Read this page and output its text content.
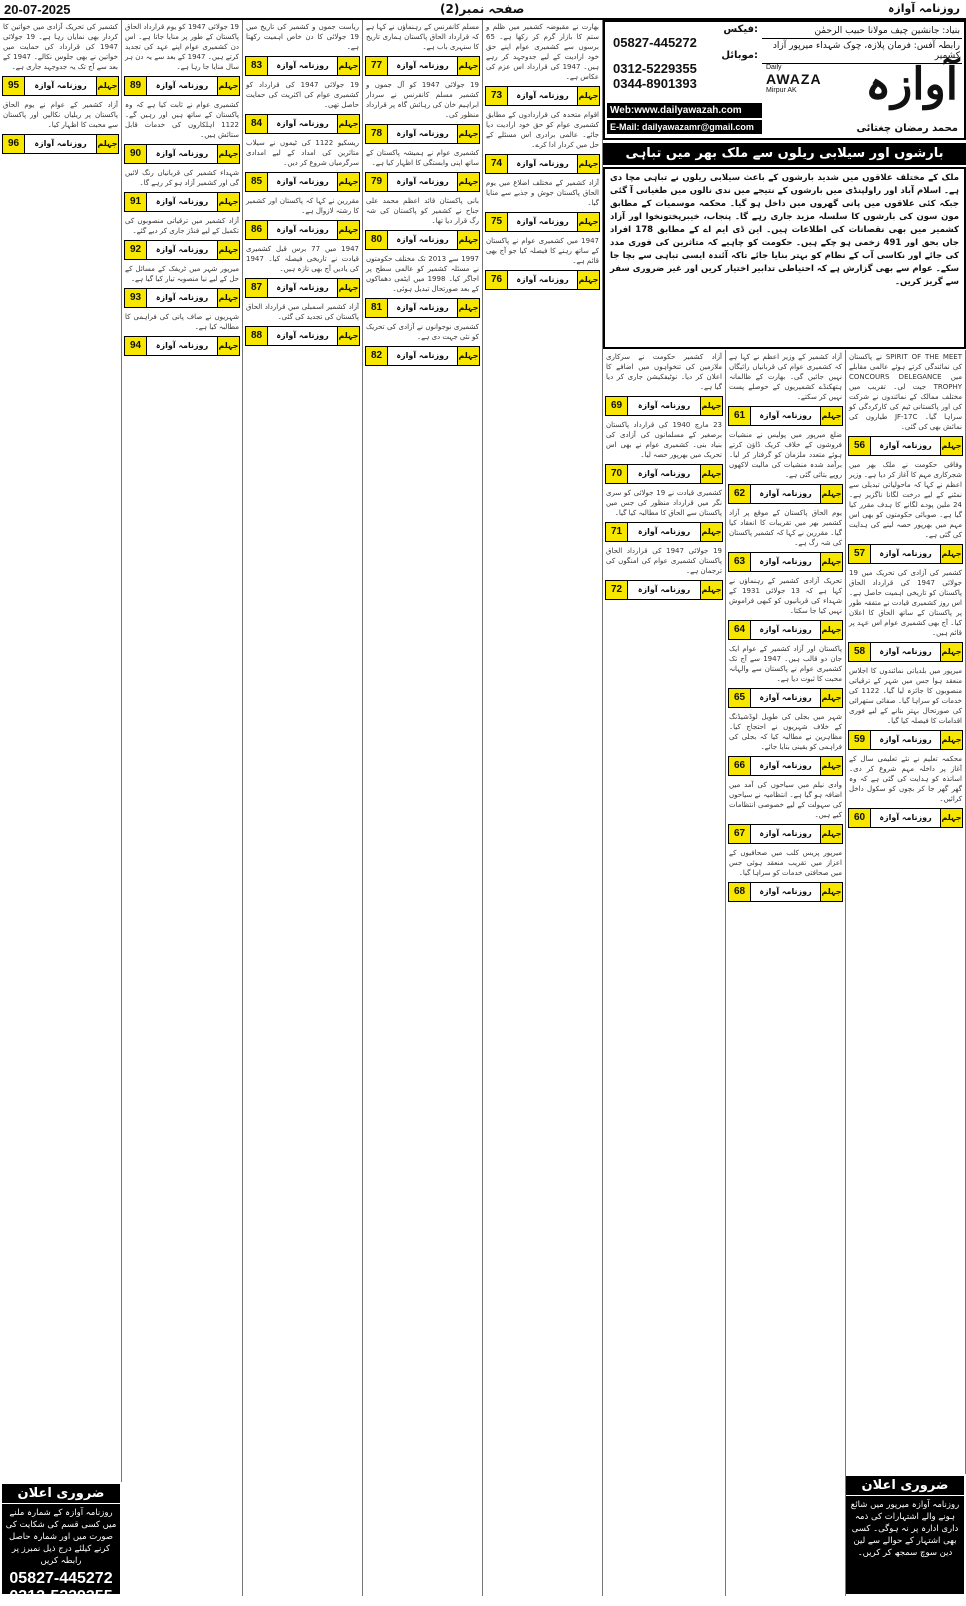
20-07-2025	صفحہ نمبر(2)	روزنامہ آوازہ
SPIRIT OF THE MEET نے پاکستان کی نمائندگی کرتے ہوئے عالمی مقابلے میں CONCOURS DELEGANCE TROPHY جیت لی۔ تقریب میں مختلف ممالک کے نمائندوں نے شرکت کی اور پاکستانی ٹیم کی کارکردگی کو سراہا گیا۔ JF-17C طیاروں کی نمائش بھی کی گئی۔
56	روزنامہ آوازہ	جہلم
وفاقی حکومت نے ملک بھر میں شجرکاری مہم کا آغاز کر دیا ہے۔ وزیر اعظم نے کہا کہ ماحولیاتی تبدیلی سے نمٹنے کے لیے درخت لگانا ناگزیر ہے۔ 24 ملین پودے لگانے کا ہدف مقرر کیا گیا ہے۔ صوبائی حکومتوں کو بھی اس مہم میں بھرپور حصہ لینے کی ہدایت کی گئی ہے۔
57	روزنامہ آوازہ	جہلم
کشمیر کی آزادی کی تحریک میں 19 جولائی 1947 کی قرارداد الحاق پاکستان کو تاریخی اہمیت حاصل ہے۔ اس روز کشمیری قیادت نے متفقہ طور پر پاکستان کے ساتھ الحاق کا اعلان کیا۔ آج بھی کشمیری عوام اس عہد پر قائم ہیں۔
58	روزنامہ آوازہ	جہلم
میرپور میں بلدیاتی نمائندوں کا اجلاس منعقد ہوا جس میں شہر کے ترقیاتی منصوبوں کا جائزہ لیا گیا۔ 1122 کی خدمات کو سراہا گیا۔ صفائی ستھرائی کی صورتحال بہتر بنانے کے لیے فوری اقدامات کا فیصلہ کیا گیا۔
59	روزنامہ آوازہ	جہلم
محکمہ تعلیم نے نئے تعلیمی سال کے آغاز پر داخلہ مہم شروع کر دی۔ اساتذہ کو ہدایت کی گئی ہے کہ وہ گھر گھر جا کر بچوں کو سکول داخل کرائیں۔
60	روزنامہ آوازہ	جہلم
آزاد کشمیر کے وزیر اعظم نے کہا ہے کہ کشمیری عوام کی قربانیاں رائیگاں نہیں جائیں گی۔ بھارت کے ظالمانہ ہتھکنڈے کشمیریوں کے حوصلے پست نہیں کر سکتے۔
61	روزنامہ آوازہ	جہلم
ضلع میرپور میں پولیس نے منشیات فروشوں کے خلاف کریک ڈاؤن کرتے ہوئے متعدد ملزمان کو گرفتار کر لیا۔ برآمد شدہ منشیات کی مالیت لاکھوں روپے بتائی گئی ہے۔
62	روزنامہ آوازہ	جہلم
یوم الحاق پاکستان کے موقع پر آزاد کشمیر بھر میں تقریبات کا انعقاد کیا گیا۔ مقررین نے کہا کہ کشمیر پاکستان کی شہ رگ ہے۔
63	روزنامہ آوازہ	جہلم
تحریک آزادی کشمیر کے رہنماؤں نے کہا ہے کہ 13 جولائی 1931 کے شہداء کی قربانیوں کو کبھی فراموش نہیں کیا جا سکتا۔
64	روزنامہ آوازہ	جہلم
پاکستان اور آزاد کشمیر کے عوام ایک جان دو قالب ہیں۔ 1947 سے آج تک کشمیری عوام نے پاکستان سے والہانہ محبت کا ثبوت دیا ہے۔
65	روزنامہ آوازہ	جہلم
شہر میں بجلی کی طویل لوڈشیڈنگ کے خلاف شہریوں نے احتجاج کیا۔ مظاہرین نے مطالبہ کیا کہ بجلی کی فراہمی کو یقینی بنایا جائے۔
66	روزنامہ آوازہ	جہلم
وادی نیلم میں سیاحوں کی آمد میں اضافہ ہو گیا ہے۔ انتظامیہ نے سیاحوں کی سہولت کے لیے خصوصی انتظامات کیے ہیں۔
67	روزنامہ آوازہ	جہلم
میرپور پریس کلب میں صحافیوں کے اعزاز میں تقریب منعقد ہوئی جس میں صحافتی خدمات کو سراہا گیا۔
68	روزنامہ آوازہ	جہلم
آزاد کشمیر حکومت نے سرکاری ملازمین کی تنخواہوں میں اضافے کا اعلان کر دیا۔ نوٹیفکیشن جاری کر دیا گیا ہے۔
69	روزنامہ آوازہ	جہلم
23 مارچ 1940 کی قرارداد پاکستان برصغیر کے مسلمانوں کی آزادی کی بنیاد بنی۔ کشمیری عوام نے بھی اس تحریک میں بھرپور حصہ لیا۔
70	روزنامہ آوازہ	جہلم
کشمیری قیادت نے 19 جولائی کو سری نگر میں قرارداد منظور کی جس میں پاکستان سے الحاق کا مطالبہ کیا گیا۔
71	روزنامہ آوازہ	جہلم
19 جولائی 1947 کی قرارداد الحاق پاکستان کشمیری عوام کی امنگوں کی ترجمان ہے۔
72	روزنامہ آوازہ	جہلم
بھارت نے مقبوضہ کشمیر میں ظلم و ستم کا بازار گرم کر رکھا ہے۔ 65 برسوں سے کشمیری عوام اپنے حق خود ارادیت کے لیے جدوجہد کر رہے ہیں۔ 1947 کی قرارداد اس عزم کی عکاس ہے۔
73	روزنامہ آوازہ	جہلم
اقوام متحدہ کی قراردادوں کے مطابق کشمیری عوام کو حق خود ارادیت دیا جائے۔ عالمی برادری اس مسئلے کے حل میں کردار ادا کرے۔
74	روزنامہ آوازہ	جہلم
آزاد کشمیر کے مختلف اضلاع میں یوم الحاق پاکستان جوش و جذبے سے منایا گیا۔
75	روزنامہ آوازہ	جہلم
1947 میں کشمیری عوام نے پاکستان کے ساتھ رہنے کا فیصلہ کیا جو آج بھی قائم ہے۔
76	روزنامہ آوازہ	جہلم
مسلم کانفرنس کے رہنماؤں نے کہا ہے کہ قرارداد الحاق پاکستان ہماری تاریخ کا سنہری باب ہے۔
77	روزنامہ آوازہ	جہلم
19 جولائی 1947 کو آل جموں و کشمیر مسلم کانفرنس نے سردار ابراہیم خان کی رہائش گاہ پر قرارداد منظور کی۔
78	روزنامہ آوازہ	جہلم
کشمیری عوام نے ہمیشہ پاکستان کے ساتھ اپنی وابستگی کا اظہار کیا ہے۔
79	روزنامہ آوازہ	جہلم
بانی پاکستان قائد اعظم محمد علی جناح نے کشمیر کو پاکستان کی شہ رگ قرار دیا تھا۔
80	روزنامہ آوازہ	جہلم
1997 سے 2013 تک مختلف حکومتوں نے مسئلہ کشمیر کو عالمی سطح پر اجاگر کیا۔ 1998 میں ایٹمی دھماکوں کے بعد صورتحال تبدیل ہوئی۔
81	روزنامہ آوازہ	جہلم
کشمیری نوجوانوں نے آزادی کی تحریک کو نئی جہت دی ہے۔
82	روزنامہ آوازہ	جہلم
ریاست جموں و کشمیر کی تاریخ میں 19 جولائی کا دن خاص اہمیت رکھتا ہے۔
83	روزنامہ آوازہ	جہلم
19 جولائی 1947 کی قرارداد کو کشمیری عوام کی اکثریت کی حمایت حاصل تھی۔
84	روزنامہ آوازہ	جہلم
ریسکیو 1122 کی ٹیموں نے سیلاب متاثرین کی امداد کے لیے امدادی سرگرمیاں شروع کر دیں۔
85	روزنامہ آوازہ	جہلم
مقررین نے کہا کہ پاکستان اور کشمیر کا رشتہ لازوال ہے۔
86	روزنامہ آوازہ	جہلم
1947 میں 77 برس قبل کشمیری قیادت نے تاریخی فیصلہ کیا۔ 1947 کی یادیں آج بھی تازہ ہیں۔
87	روزنامہ آوازہ	جہلم
آزاد کشمیر اسمبلی میں قرارداد الحاق پاکستان کی تجدید کی گئی۔
88	روزنامہ آوازہ	جہلم
19 جولائی 1947 کو یوم قرارداد الحاق پاکستان کے طور پر منایا جاتا ہے۔ اس دن کشمیری عوام اپنے عہد کی تجدید کرتے ہیں۔ 1947 کے بعد سے یہ دن ہر سال منایا جا رہا ہے۔
89	روزنامہ آوازہ	جہلم
کشمیری عوام نے ثابت کیا ہے کہ وہ پاکستان کے ساتھ ہیں اور رہیں گے۔ 1122 اہلکاروں کی خدمات قابل ستائش ہیں۔
90	روزنامہ آوازہ	جہلم
شہداء کشمیر کی قربانیاں رنگ لائیں گی اور کشمیر آزاد ہو کر رہے گا۔
91	روزنامہ آوازہ	جہلم
آزاد کشمیر میں ترقیاتی منصوبوں کی تکمیل کے لیے فنڈز جاری کر دیے گئے۔
92	روزنامہ آوازہ	جہلم
میرپور شہر میں ٹریفک کے مسائل کے حل کے لیے نیا منصوبہ تیار کیا گیا ہے۔
93	روزنامہ آوازہ	جہلم
شہریوں نے صاف پانی کی فراہمی کا مطالبہ کیا ہے۔
94	روزنامہ آوازہ	جہلم
کشمیر کی تحریک آزادی میں خواتین کا کردار بھی نمایاں رہا ہے۔ 19 جولائی 1947 کی قرارداد کی حمایت میں خواتین نے بھی جلوس نکالے۔ 1947 کے بعد سے آج تک یہ جدوجہد جاری ہے۔
95	روزنامہ آوازہ	جہلم
آزاد کشمیر کے عوام نے یوم الحاق پاکستان پر ریلیاں نکالیں اور پاکستان سے محبت کا اظہار کیا۔
96	روزنامہ آوازہ	جہلم
فیکس:
05827-445272
موبائل:
0312-5229355
0344-8901393
Web:www.dailyawazah.com
E-Mail: dailyawazamr@gmail.com
بنیاد: جانشین چیف مولانا حبیب الرحمٰن
رابطہ آفس: فرمان پلازہ، چوک شہداء میرپور آزاد کشمیر
آوازہ
Daily
AWAZA
Mirpur AK
محمد رمضان چغتائی
بارشوں اور سیلابی ریلوں سے ملک بھر میں تباہی
ملک کے مختلف علاقوں میں شدید بارشوں کے باعث سیلابی ریلوں نے تباہی مچا دی ہے۔ اسلام آباد اور راولپنڈی میں بارشوں کے نتیجے میں ندی نالوں میں طغیانی آ گئی جبکہ کئی علاقوں میں پانی گھروں میں داخل ہو گیا۔ محکمہ موسمیات کے مطابق مون سون کی بارشوں کا سلسلہ مزید جاری رہے گا۔ پنجاب، خیبرپختونخوا اور آزاد کشمیر میں بھی نقصانات کی اطلاعات ہیں۔ این ڈی ایم اے کے مطابق 178 افراد جاں بحق اور 491 زخمی ہو چکے ہیں۔ حکومت کو چاہیے کہ متاثرین کی فوری مدد کی جائے اور نکاسی آب کے نظام کو بہتر بنایا جائے تاکہ آئندہ ایسی تباہی سے بچا جا سکے۔ عوام سے بھی گزارش ہے کہ احتیاطی تدابیر اختیار کریں اور غیر ضروری سفر سے گریز کریں۔
ضروری اعلان
روزنامہ آوازہ کے شمارہ ملنے میں کسی قسم کی شکایت کی صورت میں اور شمارہ حاصل کرنے کیلئے درج ذیل نمبرز پر رابطہ کریں
05827-445272
0312-5229355
ضروری اعلان
روزنامہ آوازہ میرپور میں شائع ہونے والے اشتہارات کی ذمہ داری ادارہ پر نہ ہوگی۔ کسی بھی اشتہار کے حوالے سے لین دین سوچ سمجھ کر کریں۔
